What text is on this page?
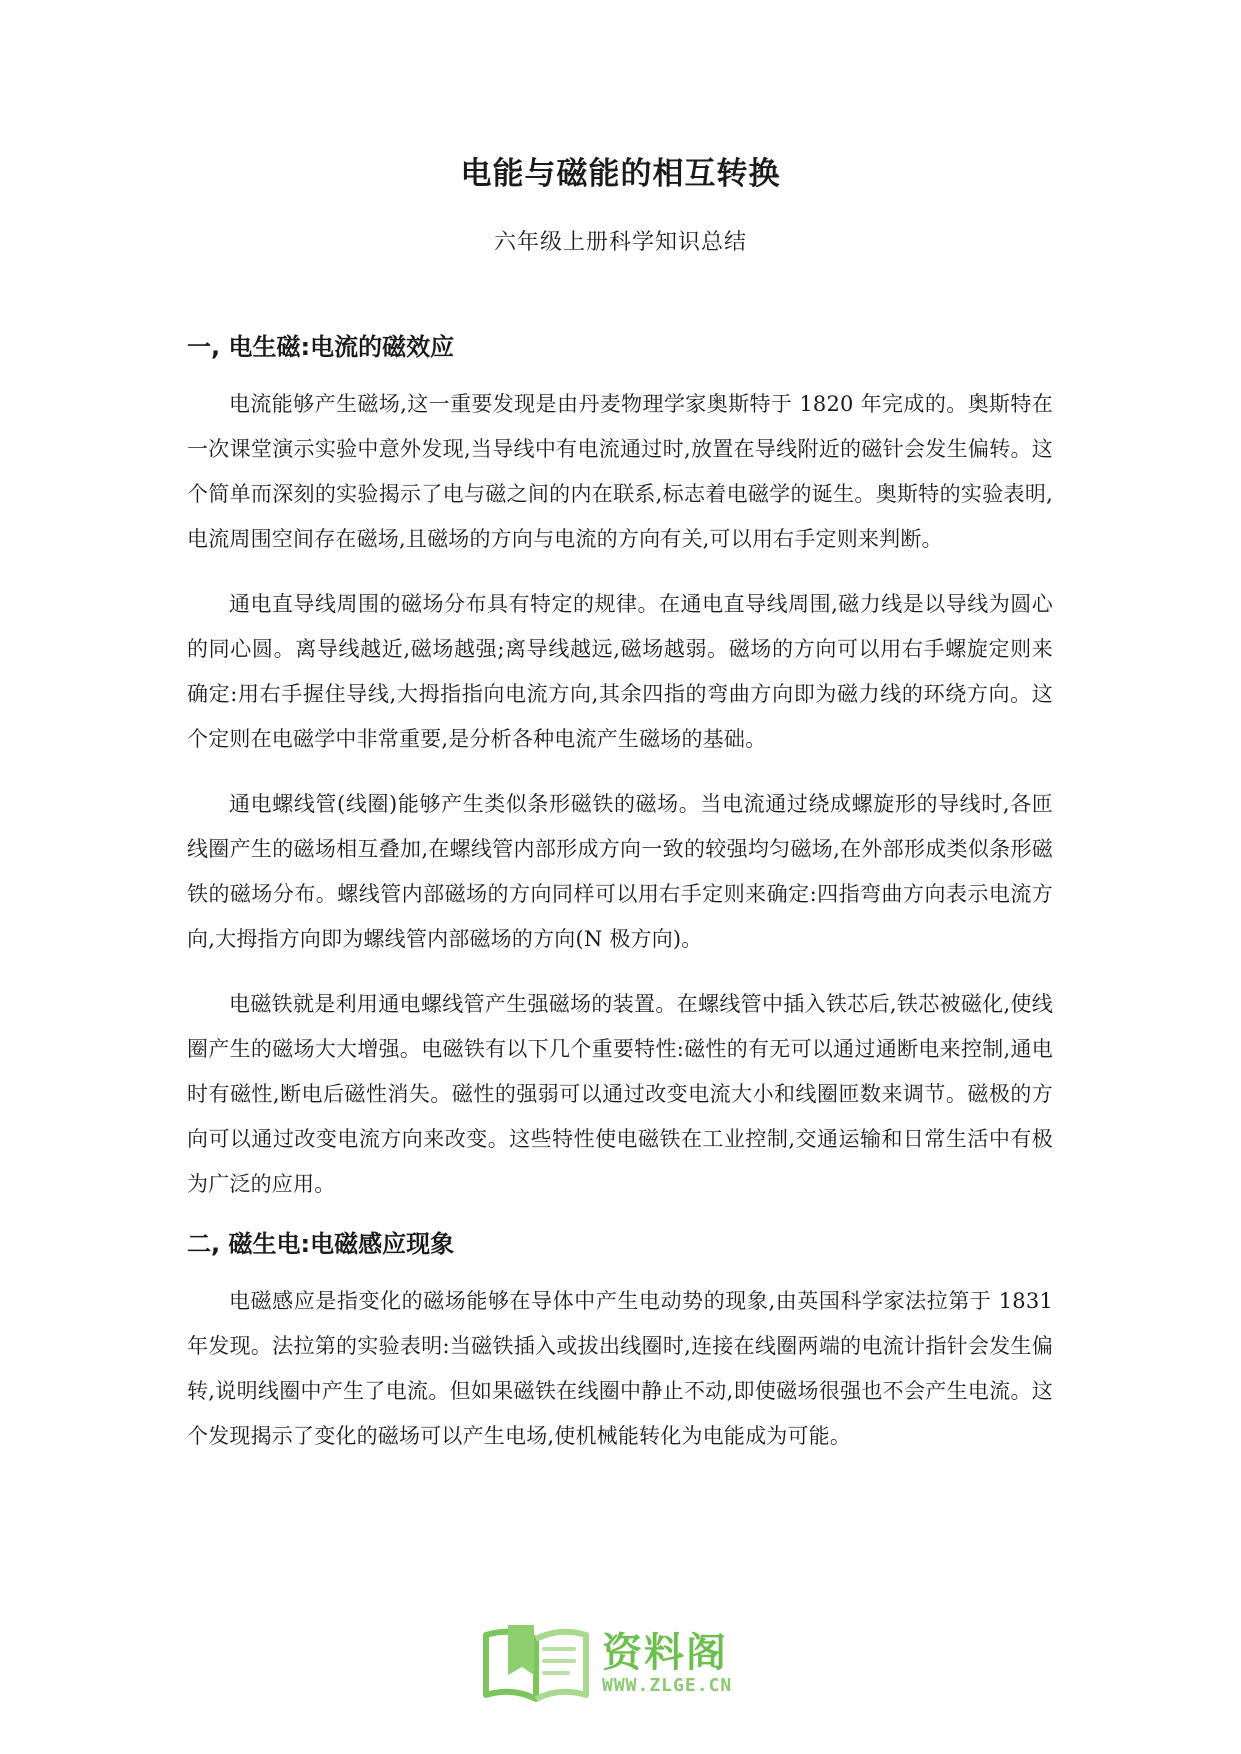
电能与磁能的相互转换
六年级上册科学知识总结
一, 电生磁:电流的磁效应

电流能够产生磁场,这一重要发现是由丹麦物理学家奥斯特于 1820 年完成的。奥斯特在一次课堂演示实验中意外发现,当导线中有电流通过时,放置在导线附近的磁针会发生偏转。这个简单而深刻的实验揭示了电与磁之间的内在联系,标志着电磁学的诞生。奥斯特的实验表明,电流周围空间存在磁场,且磁场的方向与电流的方向有关,可以用右手定则来判断。

通电直导线周围的磁场分布具有特定的规律。在通电直导线周围,磁力线是以导线为圆心的同心圆。离导线越近,磁场越强;离导线越远,磁场越弱。磁场的方向可以用右手螺旋定则来确定:用右手握住导线,大拇指指向电流方向,其余四指的弯曲方向即为磁力线的环绕方向。这个定则在电磁学中非常重要,是分析各种电流产生磁场的基础。

通电螺线管(线圈)能够产生类似条形磁铁的磁场。当电流通过绕成螺旋形的导线时,各匝线圈产生的磁场相互叠加,在螺线管内部形成方向一致的较强均匀磁场,在外部形成类似条形磁铁的磁场分布。螺线管内部磁场的方向同样可以用右手定则来确定:四指弯曲方向表示电流方向,大拇指方向即为螺线管内部磁场的方向(N 极方向)。

电磁铁就是利用通电螺线管产生强磁场的装置。在螺线管中插入铁芯后,铁芯被磁化,使线圈产生的磁场大大增强。电磁铁有以下几个重要特性:磁性的有无可以通过通断电来控制,通电时有磁性,断电后磁性消失。磁性的强弱可以通过改变电流大小和线圈匝数来调节。磁极的方向可以通过改变电流方向来改变。这些特性使电磁铁在工业控制,交通运输和日常生活中有极为广泛的应用。

二, 磁生电:电磁感应现象

电磁感应是指变化的磁场能够在导体中产生电动势的现象,由英国科学家法拉第于 1831 年发现。法拉第的实验表明:当磁铁插入或拔出线圈时,连接在线圈两端的电流计指针会发生偏转,说明线圈中产生了电流。但如果磁铁在线圈中静止不动,即使磁场很强也不会产生电流。这个发现揭示了变化的磁场可以产生电场,使机械能转化为电能成为可能。

资料阁
WWW.ZLGE.CN
